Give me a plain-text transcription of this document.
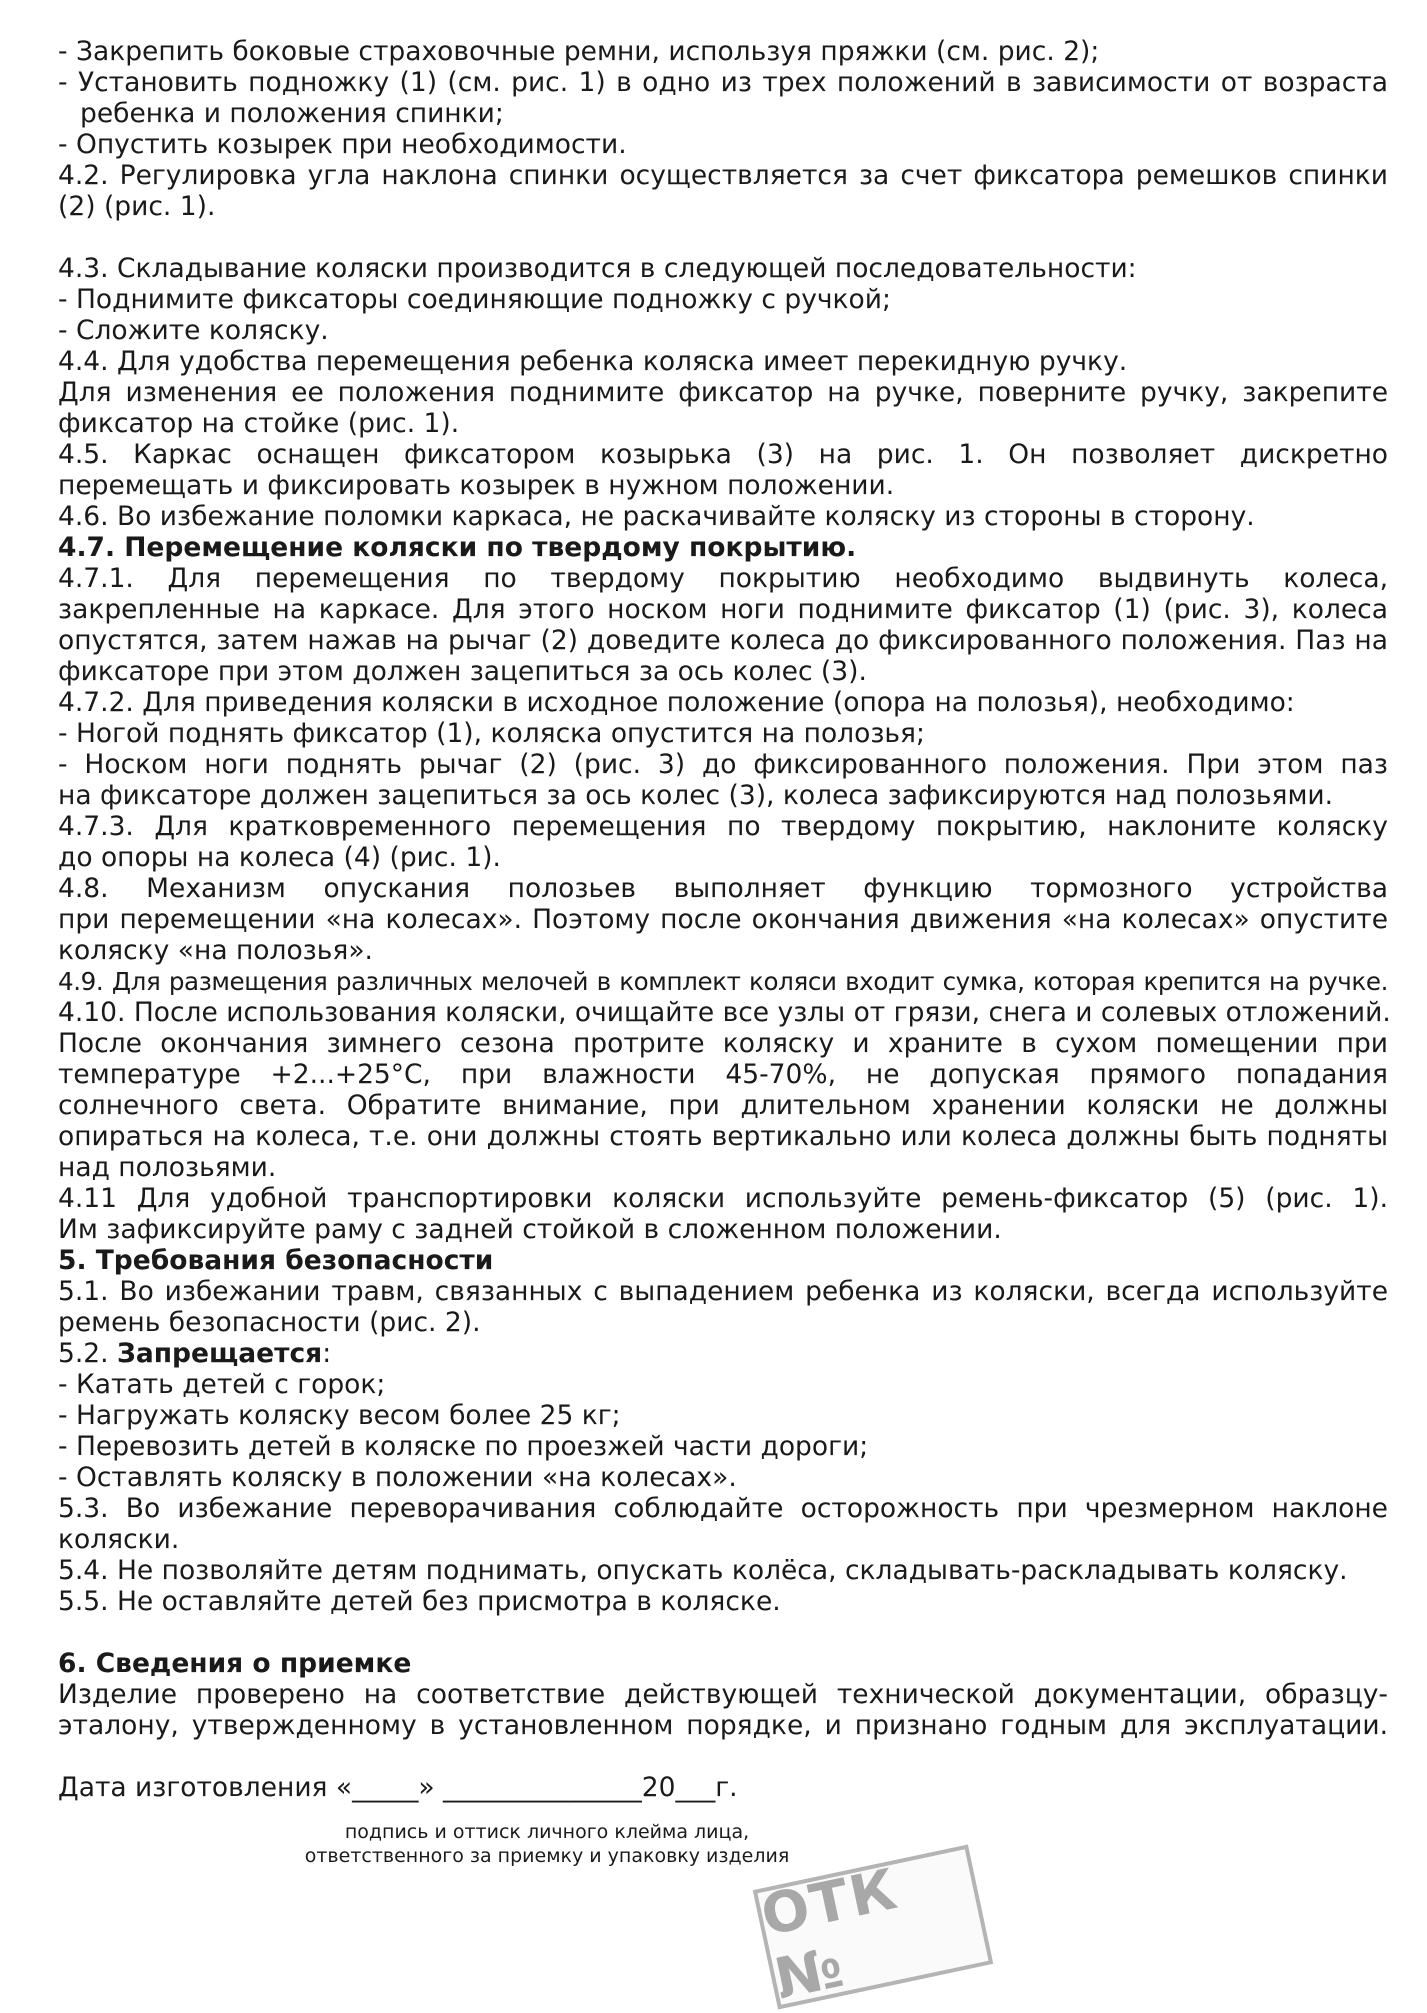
- Закрепить боковые страховочные ремни, используя пряжки (см. рис. 2);
- Установить подножку (1) (см. рис. 1) в одно из трех положений в зависимости от возраста
ребенка и положения спинки;
- Опустить козырек при необходимости.
4.2. Регулировка угла наклона спинки осуществляется за счет фиксатора ремешков спинки
(2) (рис. 1).
4.3. Складывание коляски производится в следующей последовательности:
- Поднимите фиксаторы соединяющие подножку с ручкой;
- Сложите коляску.
4.4. Для удобства перемещения ребенка коляска имеет перекидную ручку.
Для изменения ее положения поднимите фиксатор на ручке, поверните ручку, закрепите
фиксатор на стойке (рис. 1).
4.5. Каркас оснащен фиксатором козырька (3) на рис. 1. Он позволяет дискретно
перемещать и фиксировать козырек в нужном положении.
4.6. Во избежание поломки каркаса, не раскачивайте коляску из стороны в сторону.
4.7. Перемещение коляски по твердому покрытию.
4.7.1. Для перемещения по твердому покрытию необходимо выдвинуть колеса,
закрепленные на каркасе. Для этого носком ноги поднимите фиксатор (1) (рис. 3), колеса
опустятся, затем нажав на рычаг (2) доведите колеса до фиксированного положения. Паз на
фиксаторе при этом должен зацепиться за ось колес (3).
4.7.2. Для приведения коляски в исходное положение (опора на полозья), необходимо:
- Ногой поднять фиксатор (1), коляска опустится на полозья;
- Носком ноги поднять рычаг (2) (рис. 3) до фиксированного положения. При этом паз
на фиксаторе должен зацепиться за ось колес (3), колеса зафиксируются над полозьями.
4.7.3. Для кратковременного перемещения по твердому покрытию, наклоните коляску
до опоры на колеса (4) (рис. 1).
4.8. Механизм опускания полозьев выполняет функцию тормозного устройства
при перемещении «на колесах». Поэтому после окончания движения «на колесах» опустите
коляску «на полозья».
4.9. Для размещения различных мелочей в комплект коляси входит сумка, которая крепится на ручке.
4.10. После использования коляски, очищайте все узлы от грязи, снега и солевых отложений.
После окончания зимнего сезона протрите коляску и храните в сухом помещении при
температуре +2...+25°С, при влажности 45-70%, не допуская прямого попадания
солнечного света. Обратите внимание, при длительном хранении коляски не должны
опираться на колеса, т.е. они должны стоять вертикально или колеса должны быть подняты
над полозьями.
4.11 Для удобной транспортировки коляски используйте ремень-фиксатор (5) (рис. 1).
Им зафиксируйте раму с задней стойкой в сложенном положении.
5. Требования безопасности
5.1. Во избежании травм, связанных с выпадением ребенка из коляски, всегда используйте
ремень безопасности (рис. 2).
5.2. Запрещается:
- Катать детей с горок;
- Нагружать коляску весом более 25 кг;
- Перевозить детей в коляске по проезжей части дороги;
- Оставлять коляску в положении «на колесах».
5.3. Во избежание переворачивания соблюдайте осторожность при чрезмерном наклоне
коляски.
5.4. Не позволяйте детям поднимать, опускать колёса, складывать-раскладывать коляску.
5.5. Не оставляйте детей без присмотра в коляске.
6. Сведения о приемке
Изделие проверено на соответствие действующей технической документации, образцу-
эталону, утвержденному в установленном порядке, и признано годным для эксплуатации.
Дата изготовления «_____» _______________20___г.
подпись и оттиск личного клейма лица,
ответственного за приемку и упаковку изделия
ОТК №
